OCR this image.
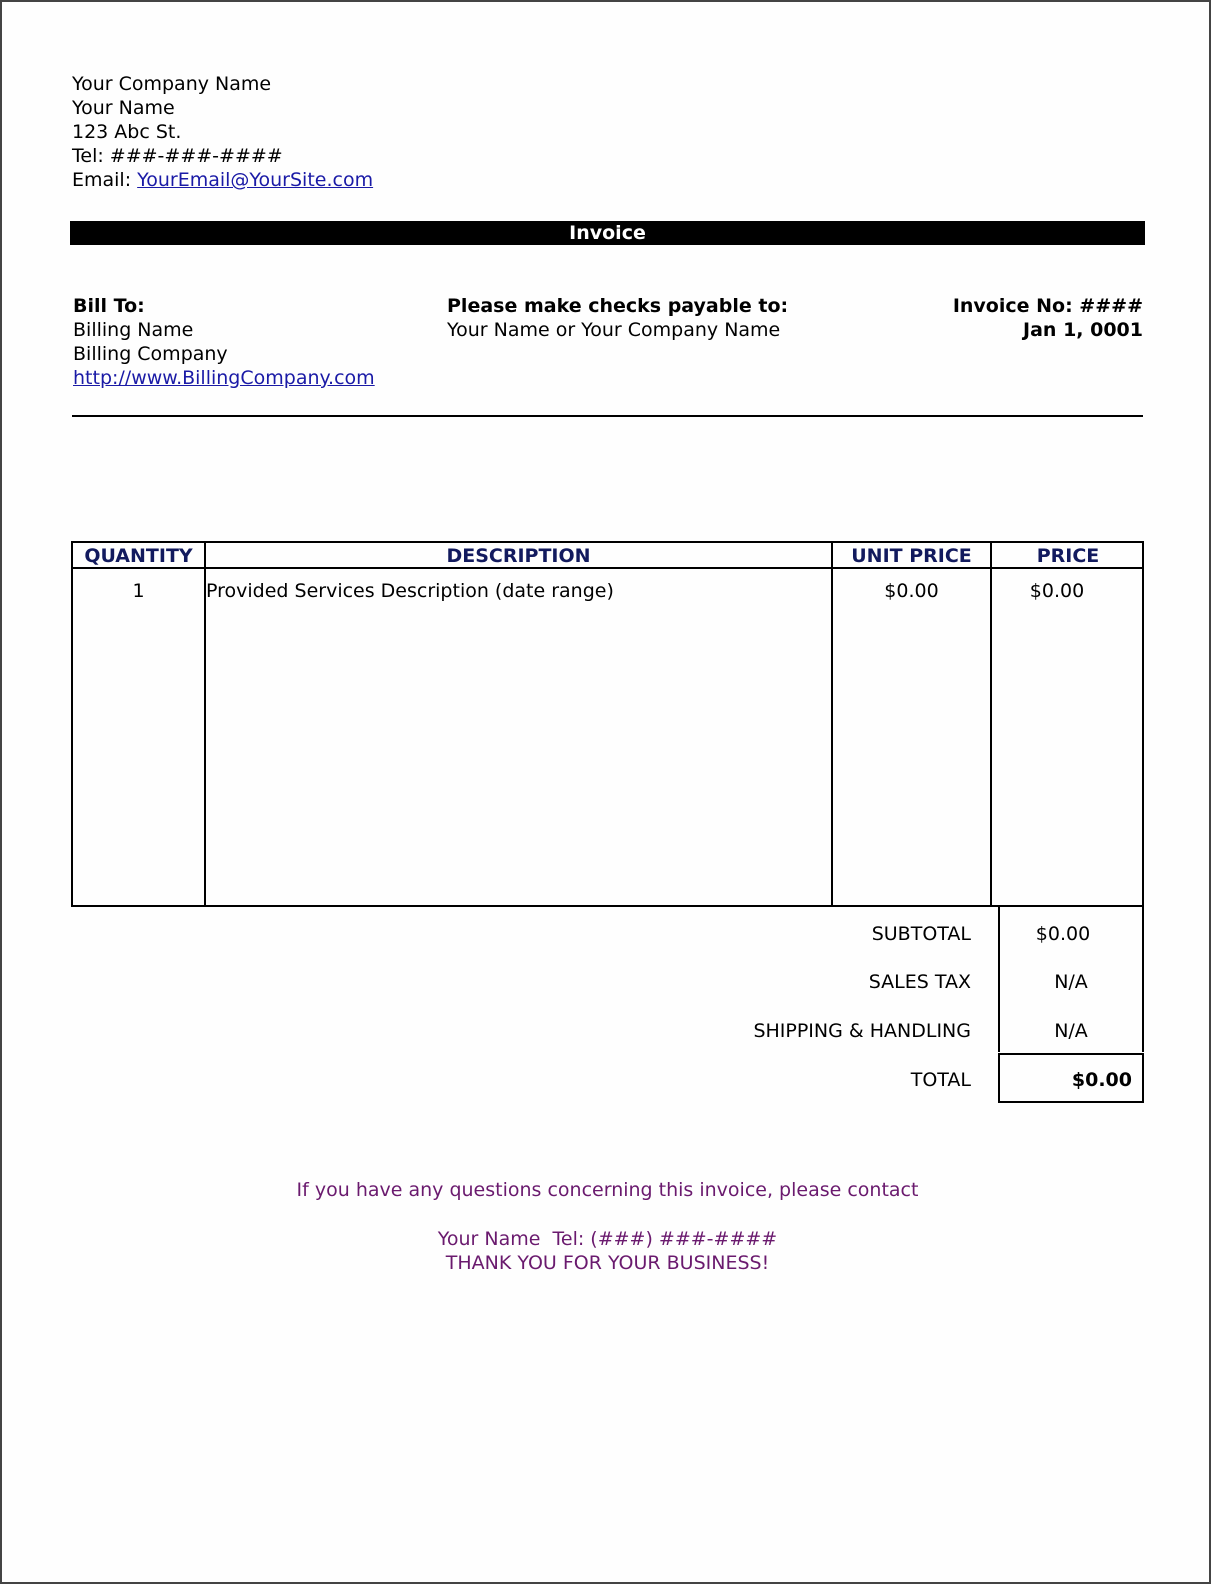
Your Company Name
Your Name
123 Abc St.
Tel: ###-###-####
Email: YourEmail@YourSite.com
Invoice
Bill To:
Billing Name
Billing Company
http://www.BillingCompany.com
Please make checks payable to:
Your Name or Your Company Name
Invoice No: ####
Jan 1, 0001
QUANTITY	DESCRIPTION	UNIT PRICE	PRICE
1	Provided Services Description (date range)	$0.00	$0.00
SUBTOTAL	$0.00
SALES TAX	N/A
SHIPPING & HANDLING	N/A
TOTAL	$0.00
If you have any questions concerning this invoice, please contact
Your Name  Tel: (###) ###-####
THANK YOU FOR YOUR BUSINESS!
